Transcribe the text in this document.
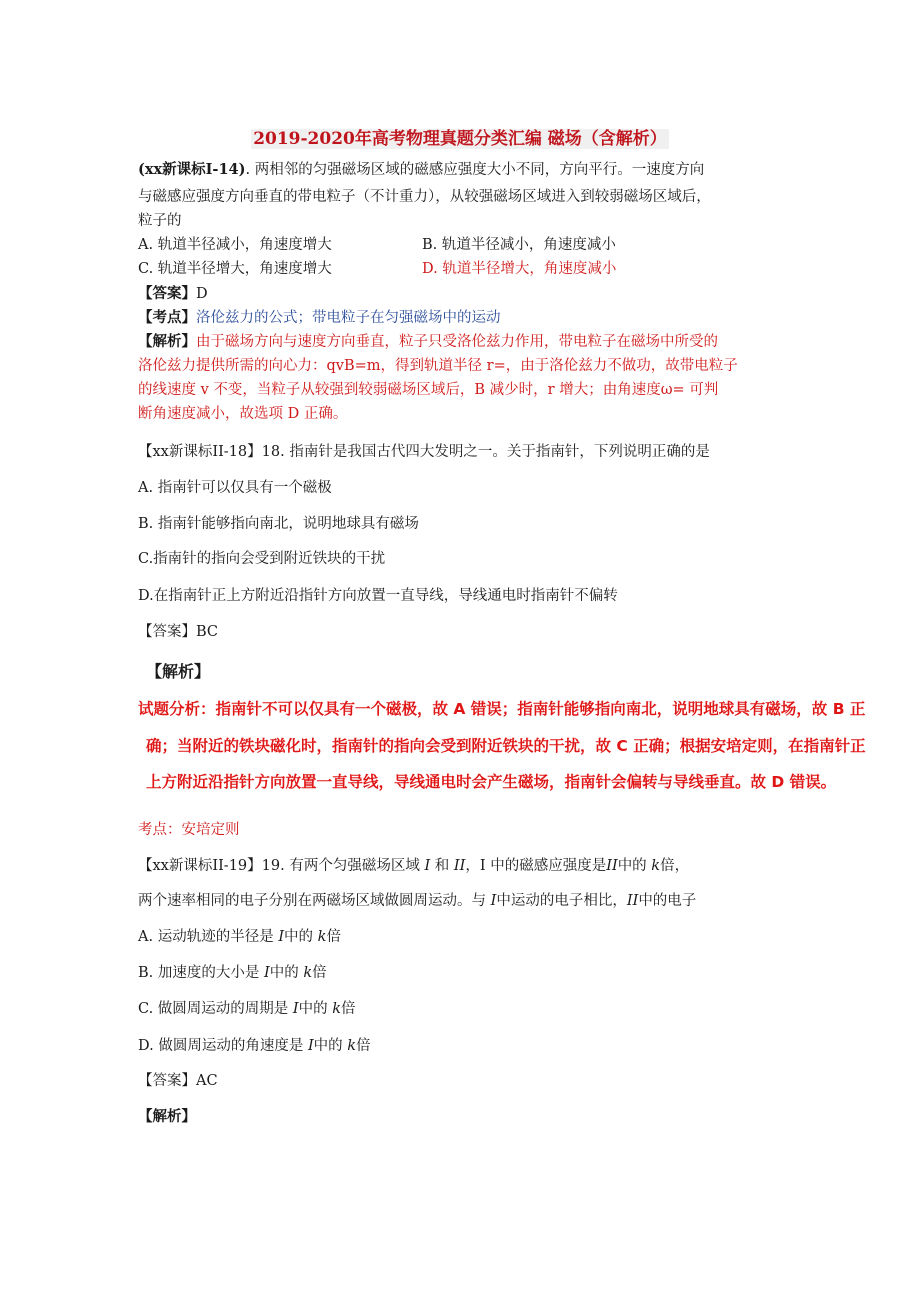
2019-2020年高考物理真题分类汇编 磁场（含解析）
(xx新课标I-14). 两相邻的匀强磁场区域的磁感应强度大小不同，方向平行。一速度方向
与磁感应强度方向垂直的带电粒子（不计重力），从较强磁场区域进入到较弱磁场区域后，
粒子的
A. 轨道半径减小，角速度增大	B. 轨道半径减小，角速度减小
C. 轨道半径增大，角速度增大	D. 轨道半径增大，角速度减小
【答案】D
【考点】洛伦兹力的公式；带电粒子在匀强磁场中的运动
【解析】由于磁场方向与速度方向垂直，粒子只受洛伦兹力作用，带电粒子在磁场中所受的
洛伦兹力提供所需的向心力：qvB=m，得到轨道半径 r=，由于洛伦兹力不做功，故带电粒子
的线速度 v 不变，当粒子从较强到较弱磁场区域后，B 减少时，r 增大；由角速度ω= 可判
断角速度减小，故选项 D 正确。
【xx新课标II-18】18. 指南针是我国古代四大发明之一。关于指南针，下列说明正确的是
A. 指南针可以仅具有一个磁极
B. 指南针能够指向南北，说明地球具有磁场
C.指南针的指向会受到附近铁块的干扰
D.在指南针正上方附近沿指针方向放置一直导线，导线通电时指南针不偏转
【答案】BC
【解析】
试题分析：指南针不可以仅具有一个磁极，故 A 错误；指南针能够指向南北，说明地球具有磁场，故 B 正
确；当附近的铁块磁化时，指南针的指向会受到附近铁块的干扰，故 C 正确；根据安培定则，在指南针正
上方附近沿指针方向放置一直导线，导线通电时会产生磁场，指南针会偏转与导线垂直。故 D 错误。
考点：安培定则
【xx新课标II-19】19. 有两个匀强磁场区域 I 和 II，I 中的磁感应强度是II中的 k倍，
两个速率相同的电子分别在两磁场区域做圆周运动。与 I中运动的电子相比，II中的电子
A. 运动轨迹的半径是 I中的 k倍
B. 加速度的大小是 I中的 k倍
C. 做圆周运动的周期是 I中的 k倍
D. 做圆周运动的角速度是 I中的 k倍
【答案】AC
【解析】
